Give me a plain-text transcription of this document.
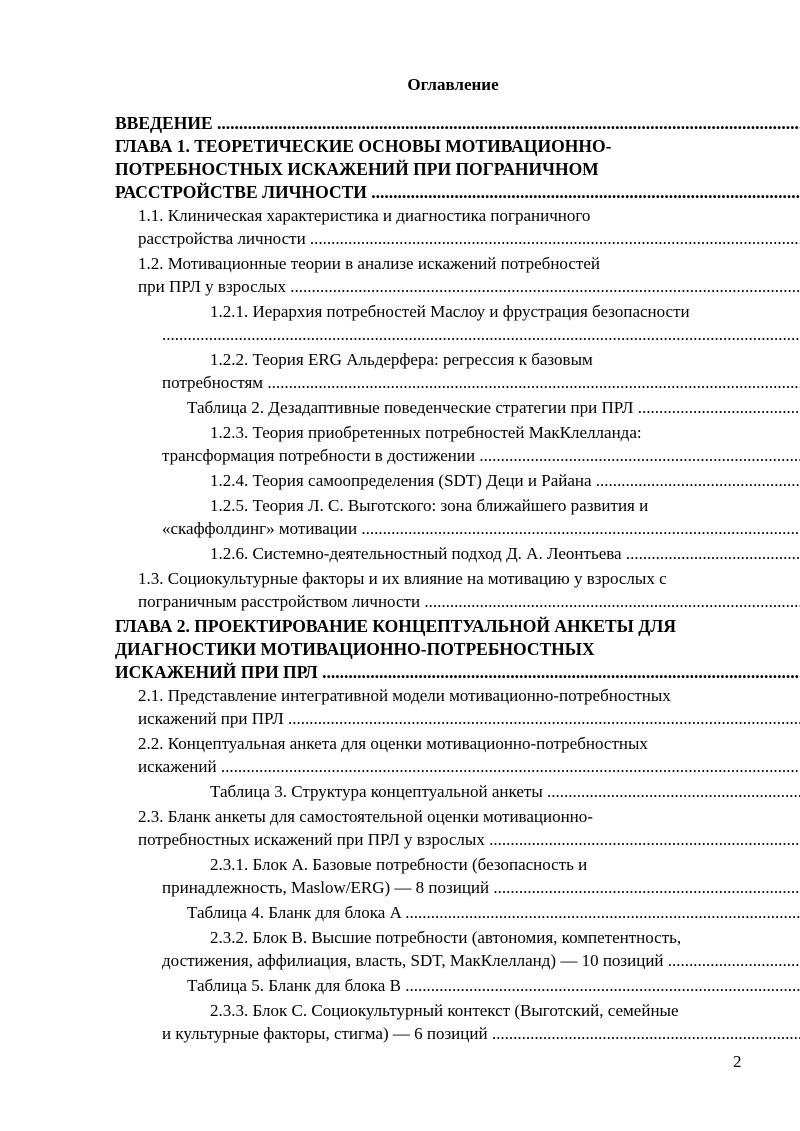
Оглавление
ВВЕДЕНИЕ .....
ГЛАВА 1. ТЕОРЕТИЧЕСКИЕ ОСНОВЫ МОТИВАЦИОННО-
ПОТРЕБНОСТНЫХ ИСКАЖЕНИЙ ПРИ ПОГРАНИЧНОМ
РАССТРОЙСТВЕ ЛИЧНОСТИ .....
1.1. Клиническая характеристика и диагностика пограничного
расстройства личности .....
1.2. Мотивационные теории в анализе искажений потребностей
при ПРЛ у взрослых .....
1.2.1. Иерархия потребностей Маслоу и фрустрация безопасности
.....
1.2.2. Теория ERG Альдерфера: регрессия к базовым
потребностям .....
Таблица 2. Дезадаптивные поведенческие стратегии при ПРЛ .....
1.2.3. Теория приобретенных потребностей МакКлелланда:
трансформация потребности в достижении .....
1.2.4. Теория самоопределения (SDT) Деци и Райана .....
1.2.5. Теория Л. С. Выготского: зона ближайшего развития и
«скаффолдинг» мотивации .....
1.2.6. Системно-деятельностный подход Д. А. Леонтьева .....
1.3. Социокультурные факторы и их влияние на мотивацию у взрослых с
пограничным расстройством личности .....
ГЛАВА 2. ПРОЕКТИРОВАНИЕ КОНЦЕПТУАЛЬНОЙ АНКЕТЫ ДЛЯ
ДИАГНОСТИКИ МОТИВАЦИОННО-ПОТРЕБНОСТНЫХ
ИСКАЖЕНИЙ ПРИ ПРЛ .....
2.1. Представление интегративной модели мотивационно-потребностных
искажений при ПРЛ .....
2.2. Концептуальная анкета для оценки мотивационно-потребностных
искажений .....
Таблица 3. Структура концептуальной анкеты .....
2.3. Бланк анкеты для самостоятельной оценки мотивационно-
потребностных искажений при ПРЛ у взрослых .....
2.3.1. Блок A. Базовые потребности (безопасность и
принадлежность, Maslow/ERG) — 8 позиций .....
Таблица 4. Бланк для блока A .....
2.3.2. Блок B. Высшие потребности (автономия, компетентность,
достижения, аффилиация, власть, SDT, МакКлелланд) — 10 позиций .....
Таблица 5. Бланк для блока B .....
2.3.3. Блок C. Социокультурный контекст (Выготский, семейные
и культурные факторы, стигма) — 6 позиций .....
2
